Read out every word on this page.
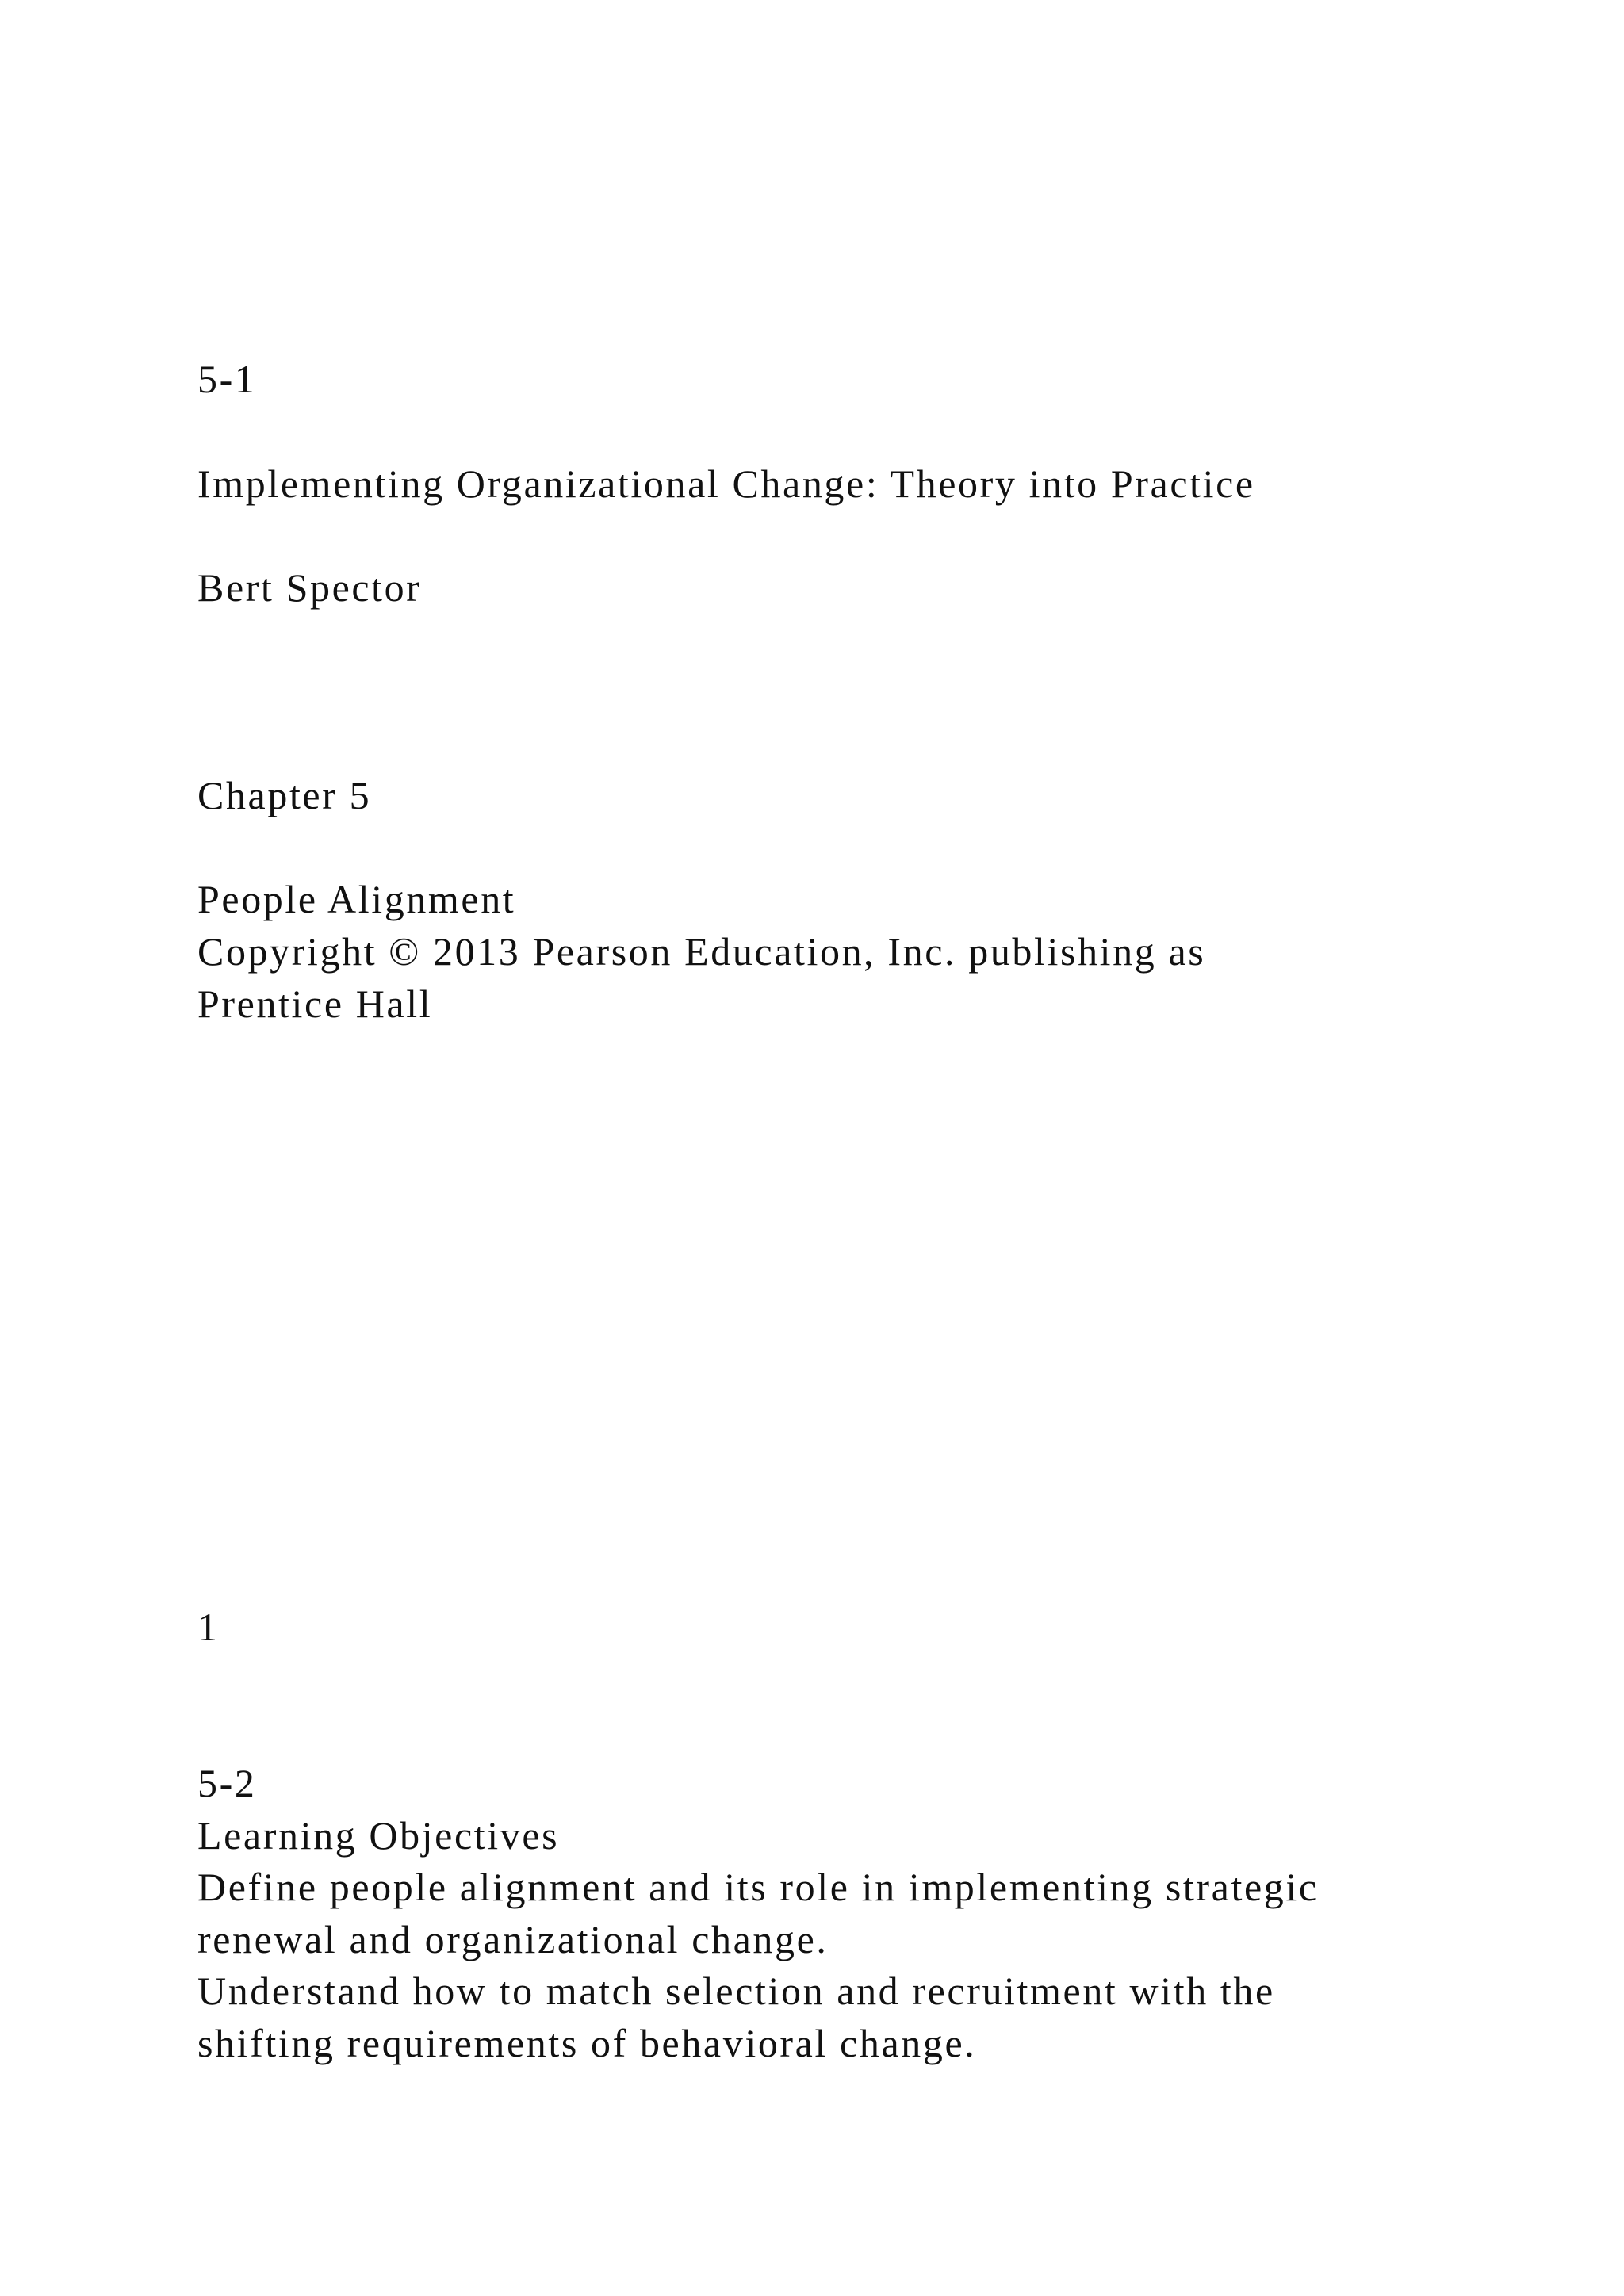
5-1

Implementing Organizational Change: Theory into Practice

Bert Spector

Chapter 5

People Alignment

Copyright © 2013 Pearson Education, Inc. publishing as

Prentice Hall

1

5-2

Learning Objectives

Define people alignment and its role in implementing strategic

renewal and organizational change.

Understand how to match selection and recruitment with the

shifting requirements of behavioral change.
